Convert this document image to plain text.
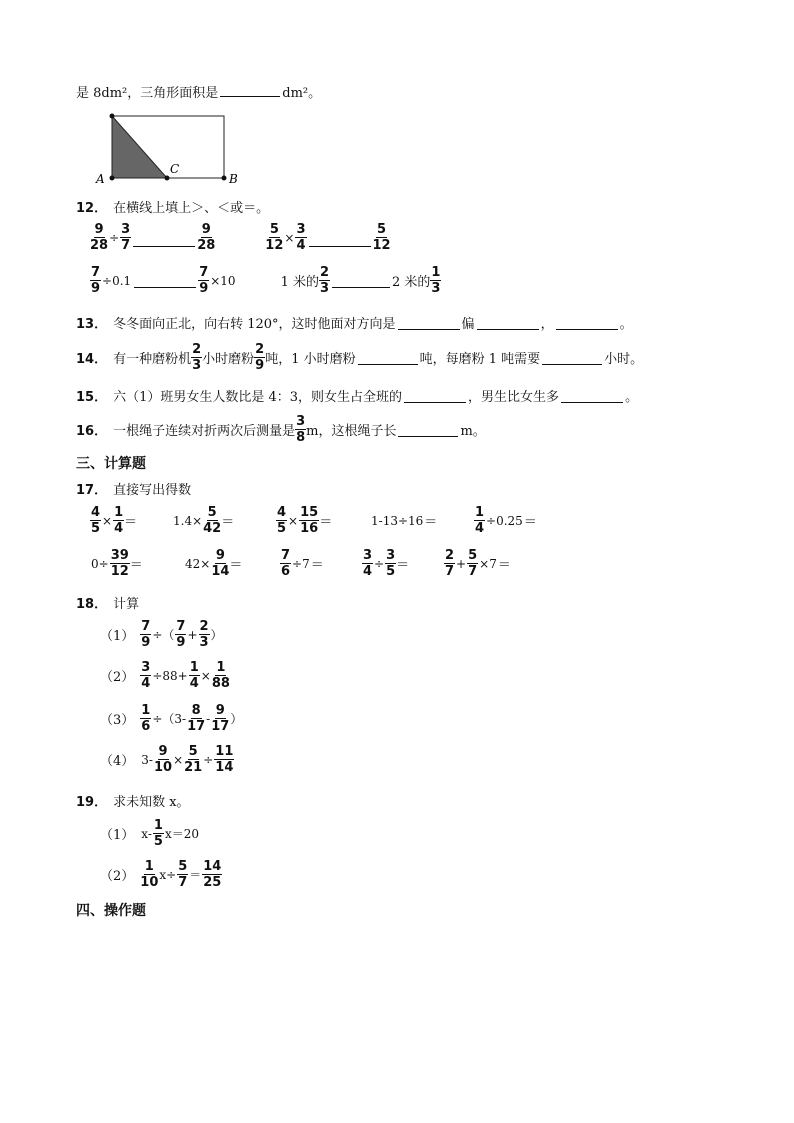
是 8dm²，三角形面积是	dm²。
A
C
B
12． 在横线上填上＞、＜或＝。
$\frac{9}{28} \div \frac{3}{7}$	$\frac{9}{28}$	$\frac{5}{12} \times \frac{3}{4}$	$\frac{5}{12}$
$\frac{7}{9} \div 0.1$	$\frac{7}{9} \times 10$	1 米的 $\frac{2}{3}$	2 米的 $\frac{1}{3}$
13． 冬冬面向正北，向右转 120°，这时他面对方向是	偏	，	。
14． 有一种磨粉机 $\frac{2}{3}$ 小时磨粉 $\frac{2}{9}$ 吨，1 小时磨粉	吨，每磨粉 1 吨需要	小时。
15． 六（1）班男女生人数比是 4：3，则女生占全班的	，男生比女生多	。
16． 一根绳子连续对折两次后测量是 $\frac{3}{8}$ m，这根绳子长	m。
三、计算题
17． 直接写出得数
$\frac{4}{5} \times \frac{1}{4}$ ＝	$1.4\times \frac{5}{42}$ ＝	$\frac{4}{5} \times \frac{15}{16}$ ＝	1-13÷16 ＝	$\frac{1}{4} \div 0.25$ ＝
$0\div \frac{39}{12}$ ＝	$42\times \frac{9}{14}$ ＝	$\frac{7}{6} \div 7$ ＝	$\frac{3}{4} \div \frac{3}{5}$ ＝	$\frac{2}{7} + \frac{5}{7} \times 7$ ＝
18． 计算
$(1) \frac{7}{9}$ ÷（ $\frac{7}{9} + \frac{2}{3}$ ）
$(2) \frac{3}{4} \div 88+ \frac{1}{4} \times \frac{1}{88}$
$(3) \frac{1}{6} \div(3- \frac{8}{17} - \frac{9}{17}$ ）
（4） $3- \frac{9}{10} \times \frac{5}{21} \div \frac{11}{14}$
19． 求未知数 x。
（1） $x- \frac{1}{5} x=20$
$(2) \frac{1}{10} x\div \frac{5}{7} = \frac{14}{25}$
四、操作题
